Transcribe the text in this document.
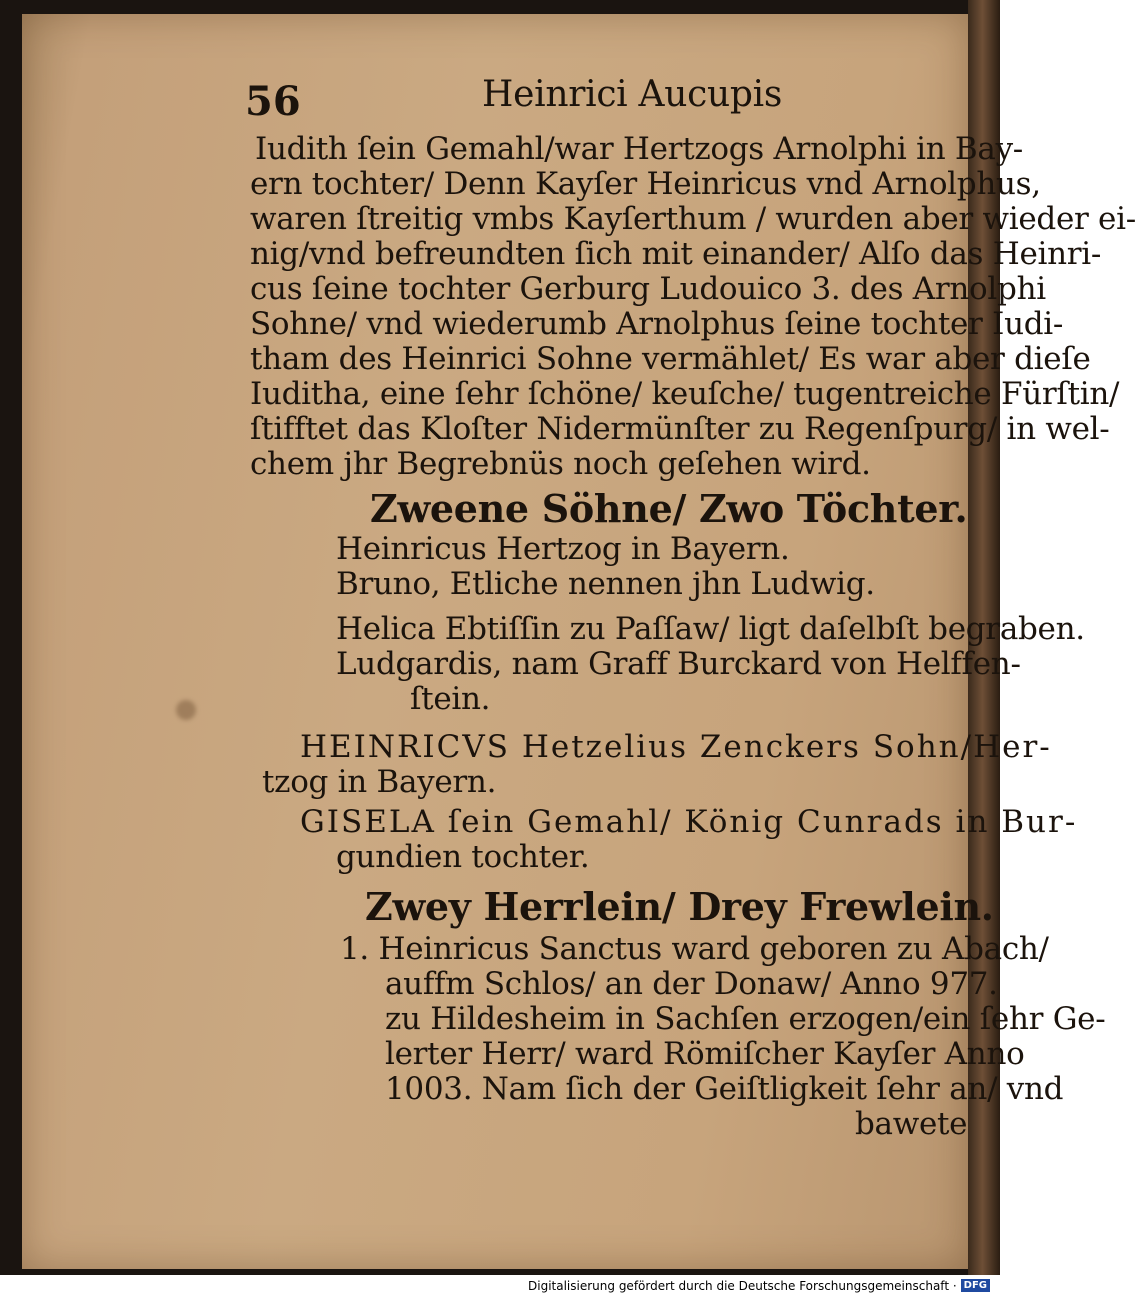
56	Heinrici Aucupis
Iudith ſein Gemahl/war Hertzogs Arnolphi in Bay-
ern tochter/ Denn Kayſer Heinricus vnd Arnolphus,
waren ſtreitig vmbs Kayſerthum / wurden aber wieder ei-
nig/vnd befreundten ſich mit einander/ Alſo das Heinri-
cus ſeine tochter Gerburg Ludouico 3. des Arnolphi
Sohne/ vnd wiederumb Arnolphus ſeine tochter Iudi-
tham des Heinrici Sohne vermählet/ Es war aber dieſe
Iuditha, eine ſehr ſchöne/ keuſche/ tugentreiche Fürſtin/
ſtifftet das Kloſter Nidermünſter zu Regenſpurg/ in wel-
chem jhr Begrebnüs noch geſehen wird.
Zweene Söhne/ Zwo Töchter.
Heinricus Hertzog in Bayern.
Bruno, Etliche nennen jhn Ludwig.
Helica Ebtiſſin zu Paſſaw/ ligt daſelbſt begraben.
Ludgardis, nam Graff Burckard von Helffen-
ſtein.
HEINRICVS Hetzelius Zenckers Sohn/Her-
tzog in Bayern.
GISELA ſein Gemahl/ König Cunrads in Bur-
gundien tochter.
Zwey Herrlein/ Drey Frewlein.
1. Heinricus Sanctus ward geboren zu Abach/
auffm Schlos/ an der Donaw/ Anno 977.
zu Hildesheim in Sachſen erzogen/ein ſehr Ge-
lerter Herr/ ward Römiſcher Kayſer Anno
1003. Nam ſich der Geiſtligkeit ſehr an/ vnd
bawete
Digitalisierung gefördert durch die Deutsche Forschungsgemeinschaft · DFG
